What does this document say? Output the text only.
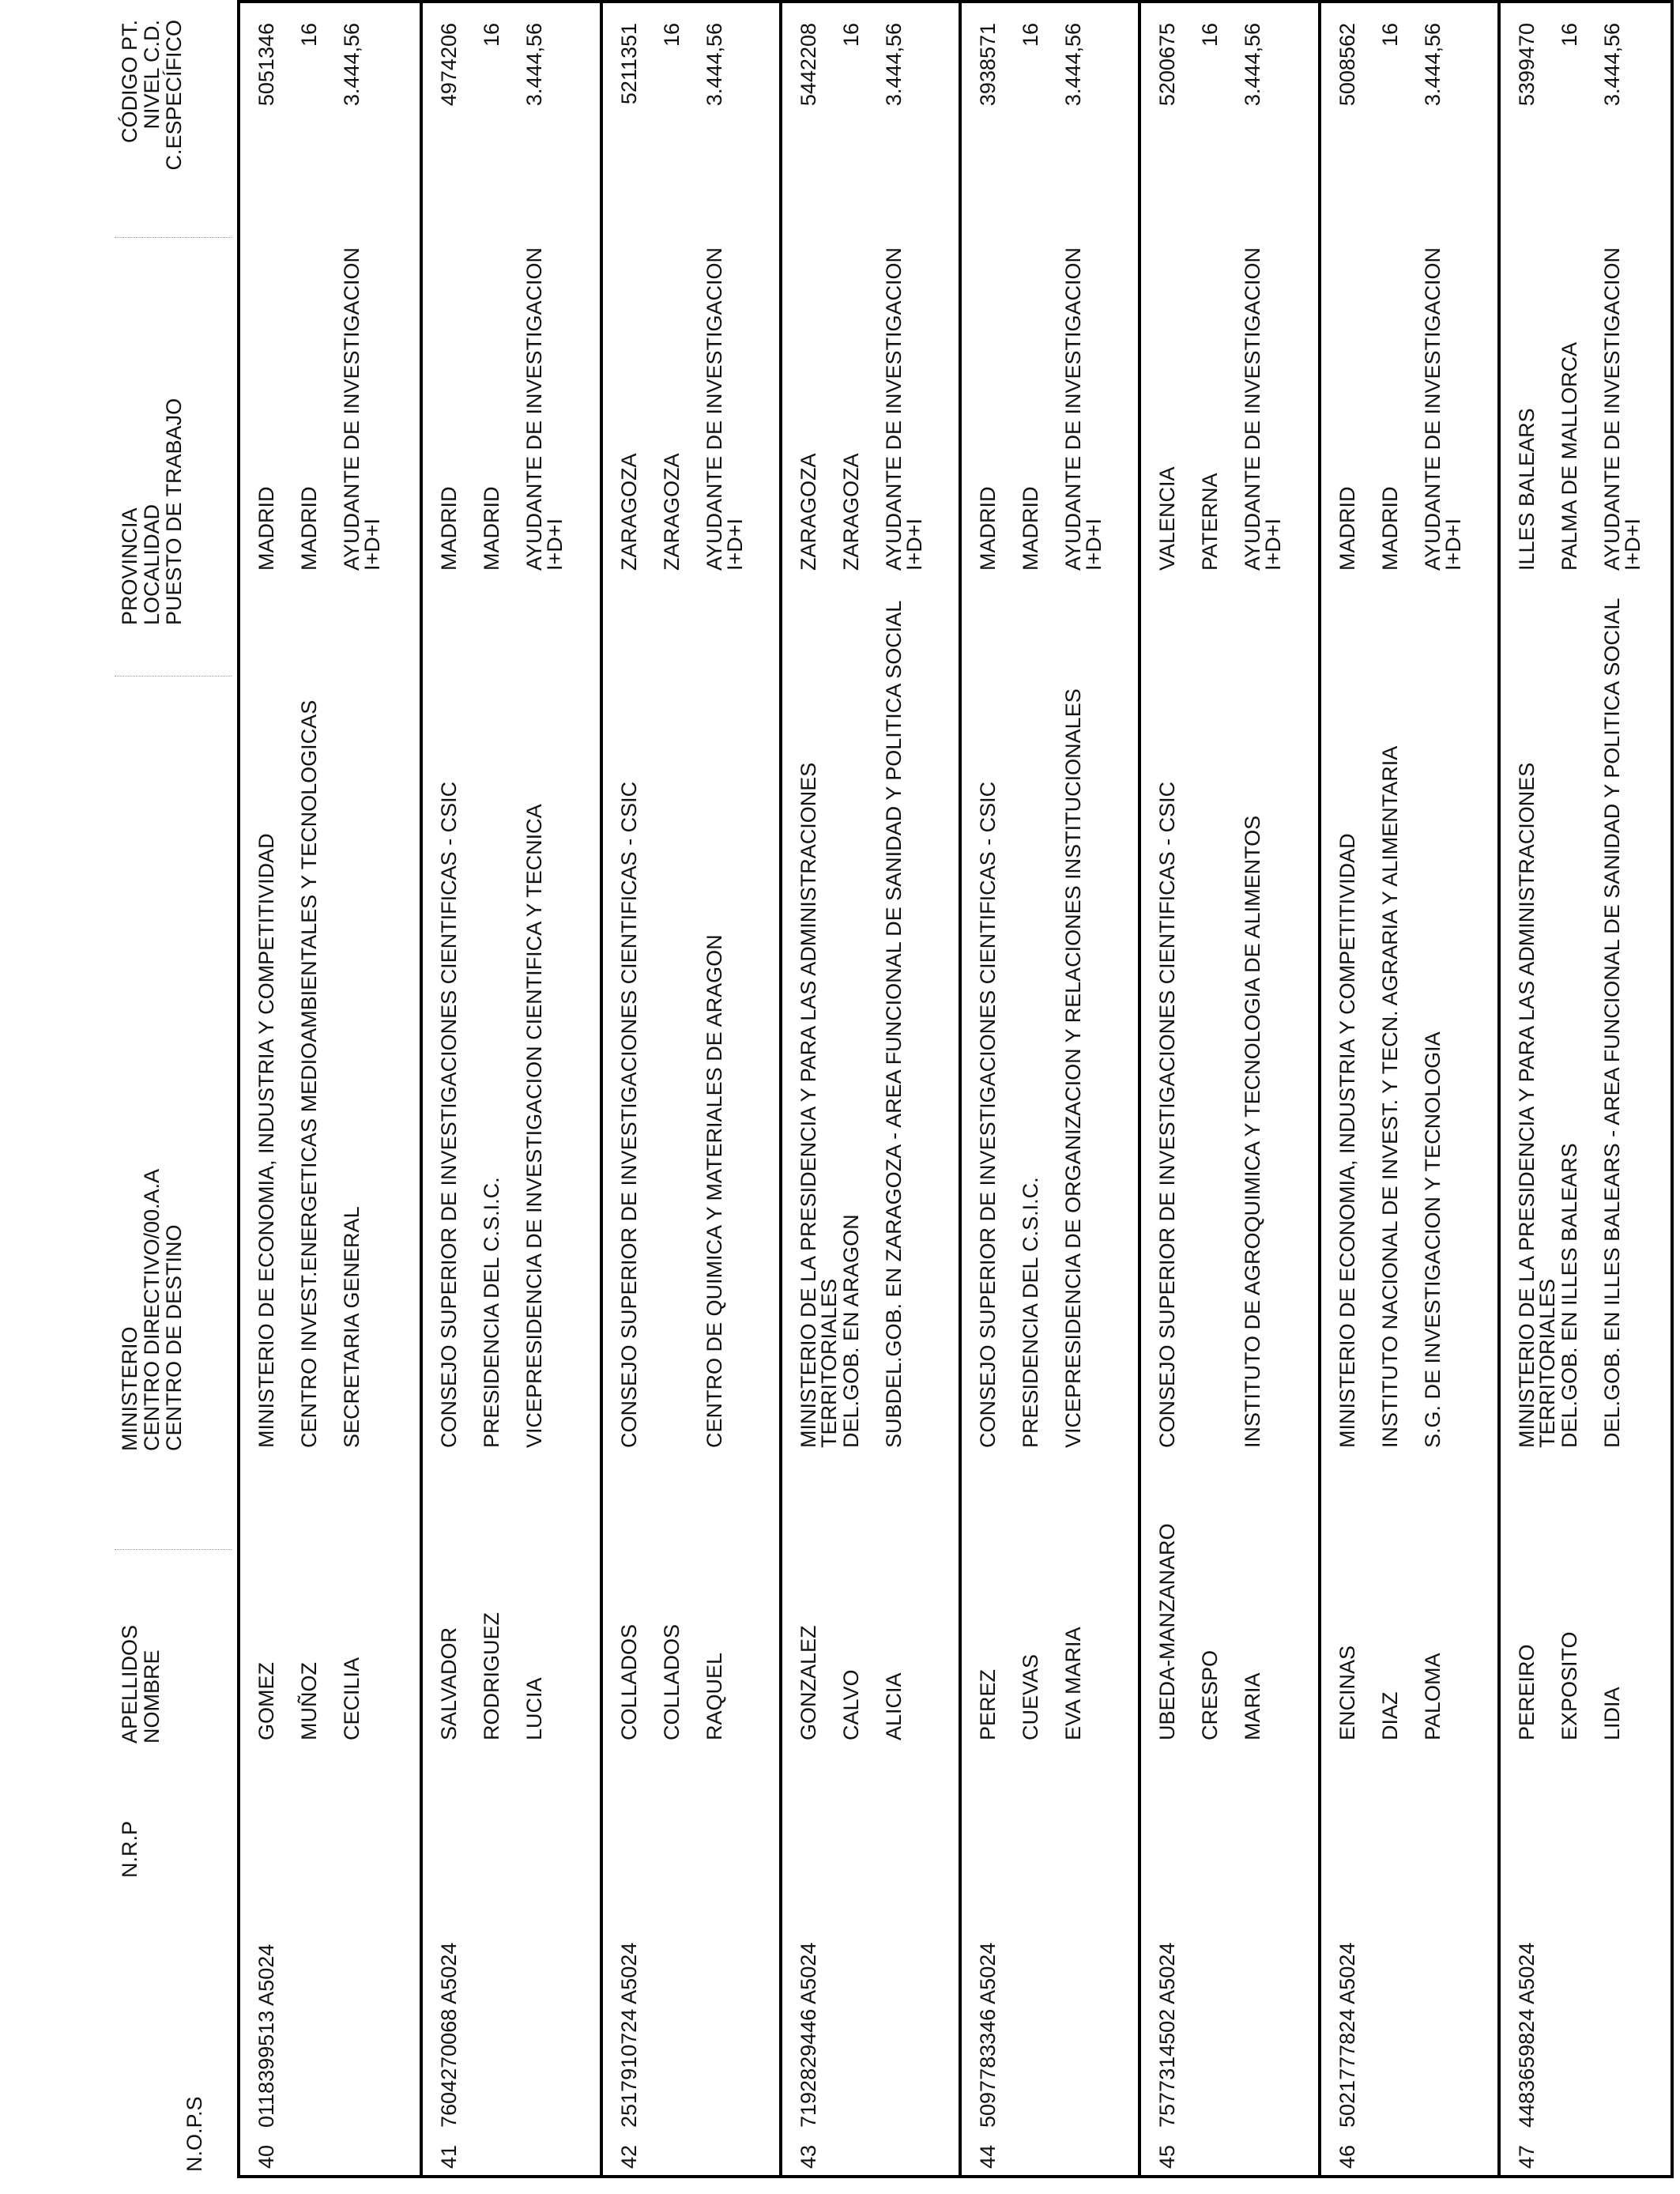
N.O.P.S
N.R.P
APELLIDOS
NOMBRE
MINISTERIO
CENTRO DIRECTIVO/00.A.A
CENTRO DE DESTINO
PROVINCIA
LOCALIDAD
PUESTO DE TRABAJO
CÓDIGO PT.
NIVEL C.D.
C.ESPECÍFICO
40
0118399513 A5024
GOMEZ MUÑOZ CECILIA
MINISTERIO DE ECONOMIA, INDUSTRIA Y COMPETITIVIDAD CENTRO INVEST.ENERGETICAS MEDIOAMBIENTALES Y TECNOLOGICAS SECRETARIA GENERAL
MADRID MADRID AYUDANTE DE INVESTIGACION I+D+I
5051346 16 3.444,56
41
7604270068 A5024
SALVADOR RODRIGUEZ LUCIA
CONSEJO SUPERIOR DE INVESTIGACIONES CIENTIFICAS - CSIC PRESIDENCIA DEL C.S.I.C. VICEPRESIDENCIA DE INVESTIGACION CIENTIFICA Y TECNICA
MADRID MADRID AYUDANTE DE INVESTIGACION I+D+I
4974206 16 3.444,56
42
2517910724 A5024
COLLADOS COLLADOS RAQUEL
CONSEJO SUPERIOR DE INVESTIGACIONES CIENTIFICAS - CSIC	CENTRO DE QUIMICA Y MATERIALES DE ARAGON
ZARAGOZA ZARAGOZA AYUDANTE DE INVESTIGACION I+D+I
5211351 16 3.444,56
43
7192829446 A5024
GONZALEZ CALVO ALICIA
MINISTERIO DE LA PRESIDENCIA Y PARA LAS ADMINISTRACIONES TERRITORIALES
DEL.GOB. EN ARAGON SUBDEL.GOB. EN ZARAGOZA - AREA FUNCIONAL DE SANIDAD Y POLITICA SOCIAL
ZARAGOZA ZARAGOZA AYUDANTE DE INVESTIGACION I+D+I
5442208 16 3.444,56
44
5097783346 A5024
PEREZ CUEVAS EVA MARIA
CONSEJO SUPERIOR DE INVESTIGACIONES CIENTIFICAS - CSIC PRESIDENCIA DEL C.S.I.C. VICEPRESIDENCIA DE ORGANIZACION Y RELACIONES INSTITUCIONALES
MADRID MADRID AYUDANTE DE INVESTIGACION I+D+I
3938571 16 3.444,56
45
7577314502 A5024
UBEDA-MANZANARO CRESPO MARIA
CONSEJO SUPERIOR DE INVESTIGACIONES CIENTIFICAS - CSIC	INSTITUTO DE AGROQUIMICA Y TECNOLOGIA DE ALIMENTOS
VALENCIA PATERNA AYUDANTE DE INVESTIGACION I+D+I
5200675 16 3.444,56
46
5021777824 A5024
ENCINAS DIAZ PALOMA
MINISTERIO DE ECONOMIA, INDUSTRIA Y COMPETITIVIDAD INSTITUTO NACIONAL DE INVEST. Y TECN. AGRARIA Y ALIMENTARIA S.G. DE INVESTIGACION Y TECNOLOGIA
MADRID MADRID AYUDANTE DE INVESTIGACION I+D+I
5008562 16 3.444,56
47
4483659824 A5024
PEREIRO EXPOSITO LIDIA
MINISTERIO DE LA PRESIDENCIA Y PARA LAS ADMINISTRACIONES TERRITORIALES
DEL.GOB. EN ILLES BALEARS DEL.GOB. EN ILLES BALEARS - AREA FUNCIONAL DE SANIDAD Y POLITICA SOCIAL
ILLES BALEARS PALMA DE MALLORCA AYUDANTE DE INVESTIGACION I+D+I
5399470 16 3.444,56
